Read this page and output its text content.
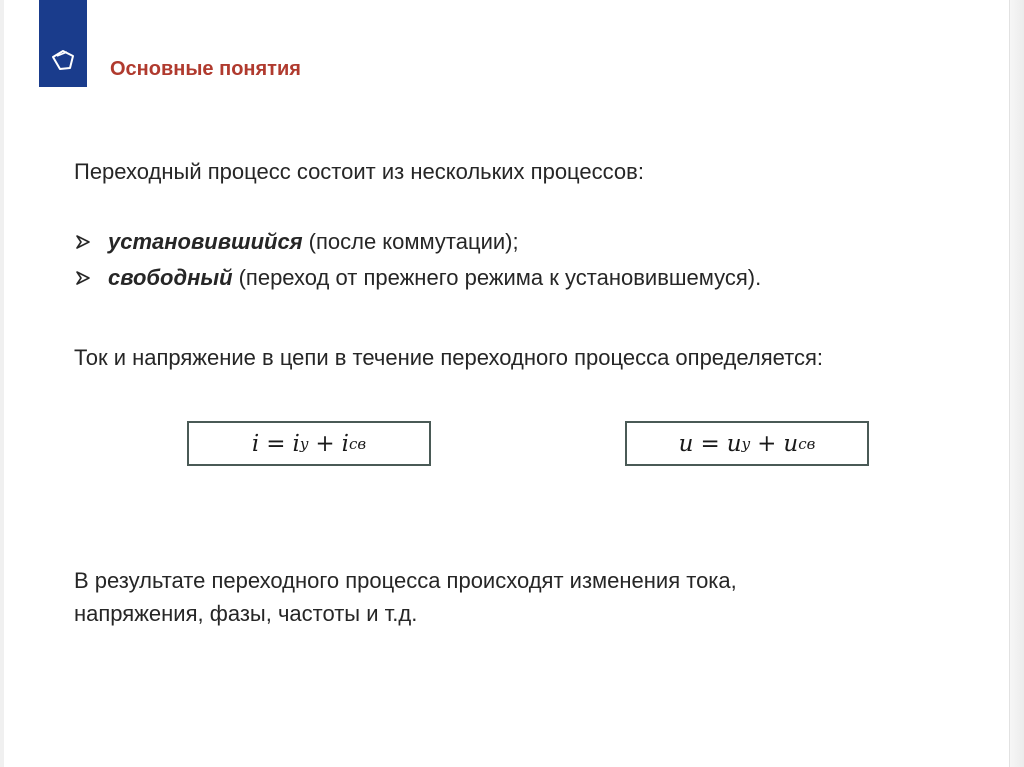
Основные понятия
Переходный процесс состоит из нескольких процессов:
установившийся (после коммутации);
свободный (переход от прежнего режима к установившемуся).
Ток и напряжение в цепи в течение переходного процесса определяется:
i = i y + i св	u = u y + u св
В результате переходного процесса происходят изменения тока,
напряжения, фазы, частоты и т.д.
